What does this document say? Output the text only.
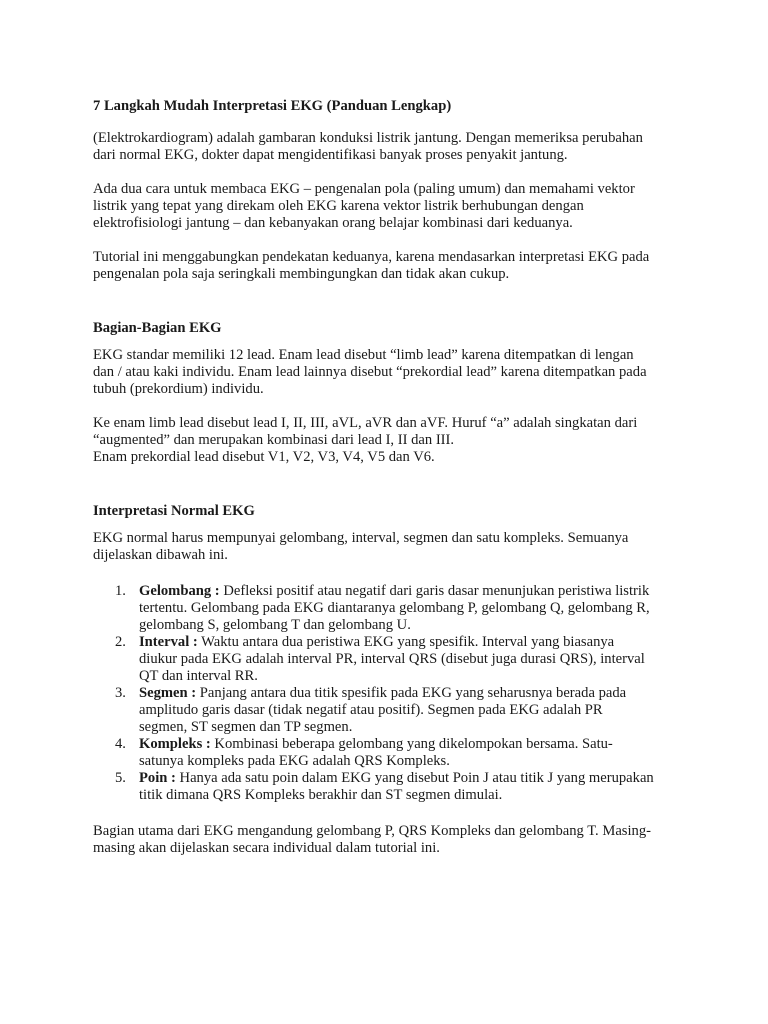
7 Langkah Mudah Interpretasi EKG (Panduan Lengkap)

(Elektrokardiogram) adalah gambaran konduksi listrik jantung. Dengan memeriksa perubahan dari normal EKG, dokter dapat mengidentifikasi banyak proses penyakit jantung.

Ada dua cara untuk membaca EKG – pengenalan pola (paling umum) dan memahami vektor listrik yang tepat yang direkam oleh EKG karena vektor listrik berhubungan dengan elektrofisiologi jantung – dan kebanyakan orang belajar kombinasi dari keduanya.

Tutorial ini menggabungkan pendekatan keduanya, karena mendasarkan interpretasi EKG pada pengenalan pola saja seringkali membingungkan dan tidak akan cukup.

Bagian-Bagian EKG

EKG standar memiliki 12 lead. Enam lead disebut “limb lead” karena ditempatkan di lengan dan / atau kaki individu. Enam lead lainnya disebut “prekordial lead” karena ditempatkan pada tubuh (prekordium) individu.

Ke enam limb lead disebut lead I, II, III, aVL, aVR dan aVF. Huruf “a” adalah singkatan dari “augmented” dan merupakan kombinasi dari lead I, II dan III.

Enam prekordial lead disebut V1, V2, V3, V4, V5 dan V6.

Interpretasi Normal EKG

EKG normal harus mempunyai gelombang, interval, segmen dan satu kompleks. Semuanya dijelaskan dibawah ini.

1. Gelombang : Defleksi positif atau negatif dari garis dasar menunjukan peristiwa listrik tertentu. Gelombang pada EKG diantaranya gelombang P, gelombang Q, gelombang R, gelombang S, gelombang T dan gelombang U.
2. Interval : Waktu antara dua peristiwa EKG yang spesifik. Interval yang biasanya diukur pada EKG adalah interval PR, interval QRS (disebut juga durasi QRS), interval QT dan interval RR.
3. Segmen : Panjang antara dua titik spesifik pada EKG yang seharusnya berada pada amplitudo garis dasar (tidak negatif atau positif). Segmen pada EKG adalah PR segmen, ST segmen dan TP segmen.
4. Kompleks : Kombinasi beberapa gelombang yang dikelompokan bersama. Satu-satunya kompleks pada EKG adalah QRS Kompleks.
5. Poin : Hanya ada satu poin dalam EKG yang disebut Poin J atau titik J yang merupakan titik dimana QRS Kompleks berakhir dan ST segmen dimulai.

Bagian utama dari EKG mengandung gelombang P, QRS Kompleks dan gelombang T. Masing-masing akan dijelaskan secara individual dalam tutorial ini.
